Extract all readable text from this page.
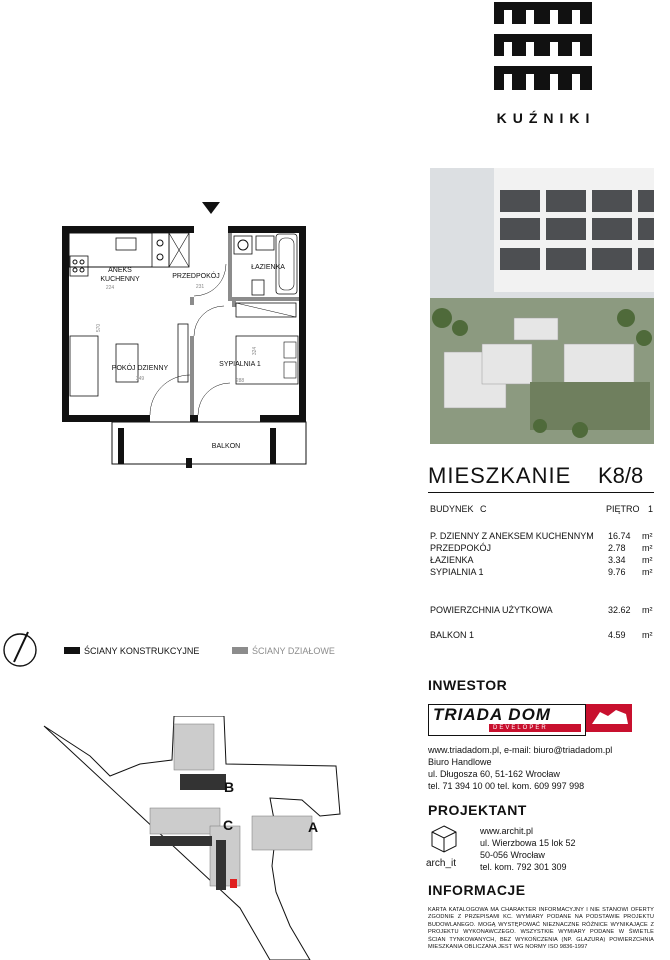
KUŹNIKI
ANEKS
KUCHENNY	PRZEDPOKÓJ
ŁAZIENKA
POKÓJ DZIENNY
SYPIALNIA 1
BALKON
224	231
570
349
324
288
MIESZKANIE K8/8
BUDYNEK C	PIĘTRO 1
P. DZIENNY Z ANEKSEM KUCHENNYM 16.74 m²
PRZEDPOKÓJ	2.78 m²
ŁAZIENKA	3.34 m²
SYPIALNIA 1	9.76 m²
POWIERZCHNIA UŻYTKOWA	32.62 m²
BALKON 1	4.59 m²
ŚCIANY KONSTRUKCYJNE	ŚCIANY DZIAŁOWE
B
C	A
INWESTOR
TRIADA DOM
DEVELOPER
www.triadadom.pl, e-mail: biuro@triadadom.pl
Biuro Handlowe
ul. Długosza 60, 51-162 Wrocław
tel. 71 394 10 00 tel. kom. 609 997 998
PROJEKTANT
arch_it
www.archit.pl
ul. Wierzbowa 15 lok 52
50-056 Wrocław
tel. kom. 792 301 309
INFORMACJE
KARTA KATALOGOWA MA CHARAKTER INFORMACYJNY I NIE STANOWI OFERTY ZGODNIE Z PRZEPISAMI KC. WYMIARY PODANE NA PODSTAWIE PROJEKTU BUDOWLANEGO. MOGĄ WYSTĘPOWAĆ NIEZNACZNE RÓŻNICE WYNIKAJĄCE Z PROJEKTU WYKONAWCZEGO. WSZYSTKIE WYMIARY PODANE W ŚWIETLE ŚCIAN TYNKOWANYCH, BEZ WYKOŃCZENIA (NP. GLAZURA) POWIERZCHNIA MIESZKANIA OBLICZANA JEST WG NORMY ISO 9836-1997
